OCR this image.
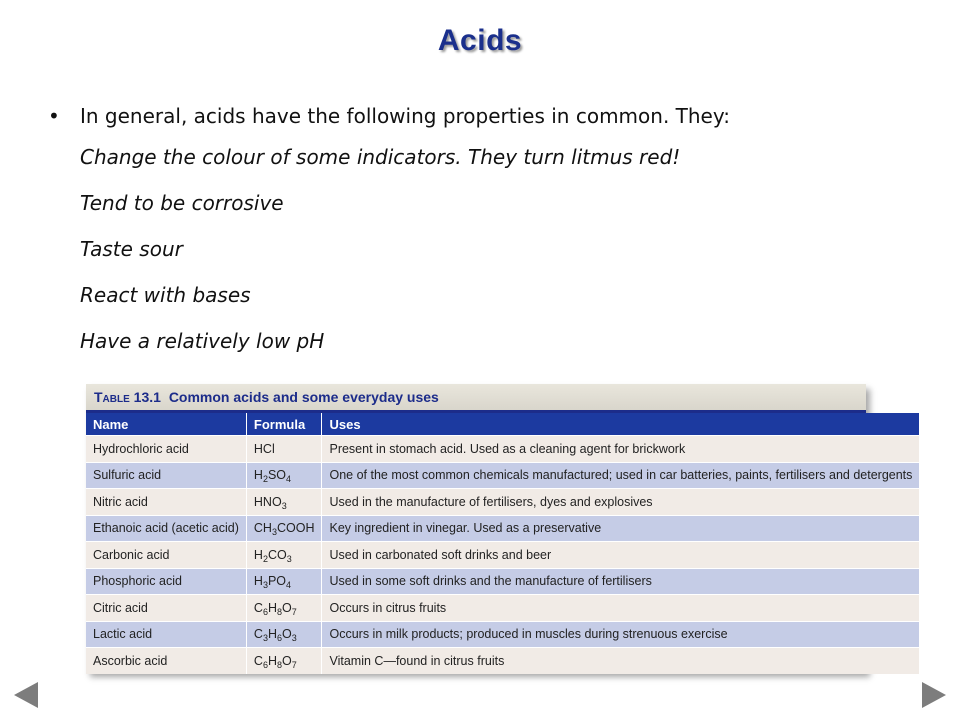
Acids
•	In general, acids have the following properties in common. They:
Change the colour of some indicators. They turn litmus red!
Tend to be corrosive
Taste sour
React with bases
Have a relatively low pH
Table 13.1 Common acids and some everyday uses
Name	Formula	Uses
Hydrochloric acid	HCl	Present in stomach acid. Used as a cleaning agent for brickwork
Sulfuric acid	$H_2SO_4$	One of the most common chemicals manufactured; used in car batteries, paints, fertilisers and detergents
Nitric acid	$HNO_3$	Used in the manufacture of fertilisers, dyes and explosives
Ethanoic acid (acetic acid)	$CH_3COOH$	Key ingredient in vinegar. Used as a preservative
Carbonic acid	$H_2CO_3$	Used in carbonated soft drinks and beer
Phosphoric acid	$H_3PO_4$	Used in some soft drinks and the manufacture of fertilisers
Citric acid	$C_6H_8O_7$	Occurs in citrus fruits
Lactic acid	$C_3H_6O_3$	Occurs in milk products; produced in muscles during strenuous exercise
Ascorbic acid	$C_6H_8O_7$	Vitamin C—found in citrus fruits
